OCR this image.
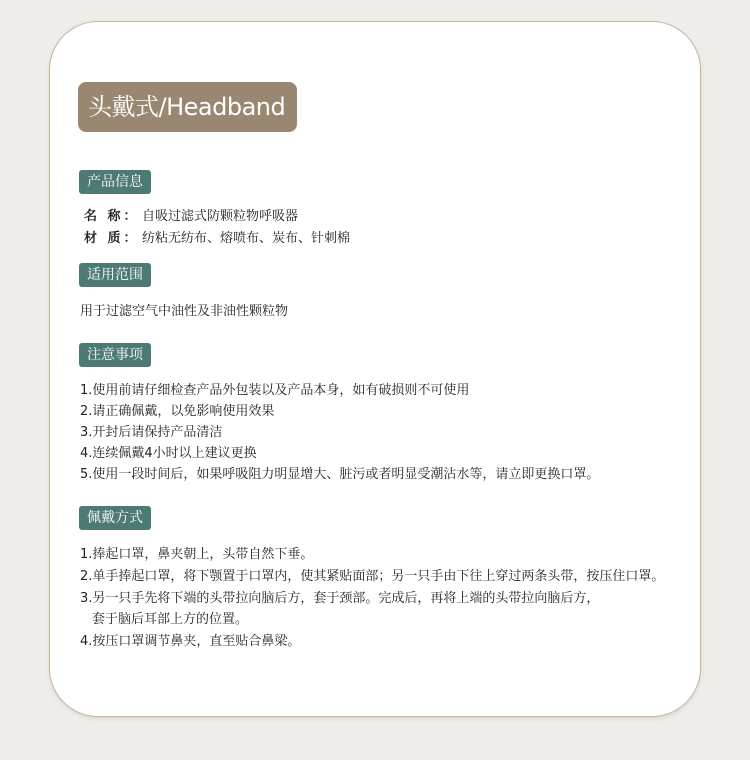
头戴式/Headband
产品信息
名 称： 自吸过滤式防颗粒物呼吸器
材 质： 纺粘无纺布、熔喷布、炭布、针刺棉
适用范围
用于过滤空气中油性及非油性颗粒物
注意事项
1.使用前请仔细检查产品外包装以及产品本身，如有破损则不可使用
2.请正确佩戴，以免影响使用效果
3.开封后请保持产品清洁
4.连续佩戴4小时以上建议更换
5.使用一段时间后，如果呼吸阻力明显增大、脏污或者明显受潮沾水等，请立即更换口罩。
佩戴方式
1.捧起口罩，鼻夹朝上，头带自然下垂。
2.单手捧起口罩，将下颚置于口罩内，使其紧贴面部；另一只手由下往上穿过两条头带，按压住口罩。
3.另一只手先将下端的头带拉向脑后方，套于颈部。完成后，再将上端的头带拉向脑后方，
套于脑后耳部上方的位置。
4.按压口罩调节鼻夹，直至贴合鼻梁。
